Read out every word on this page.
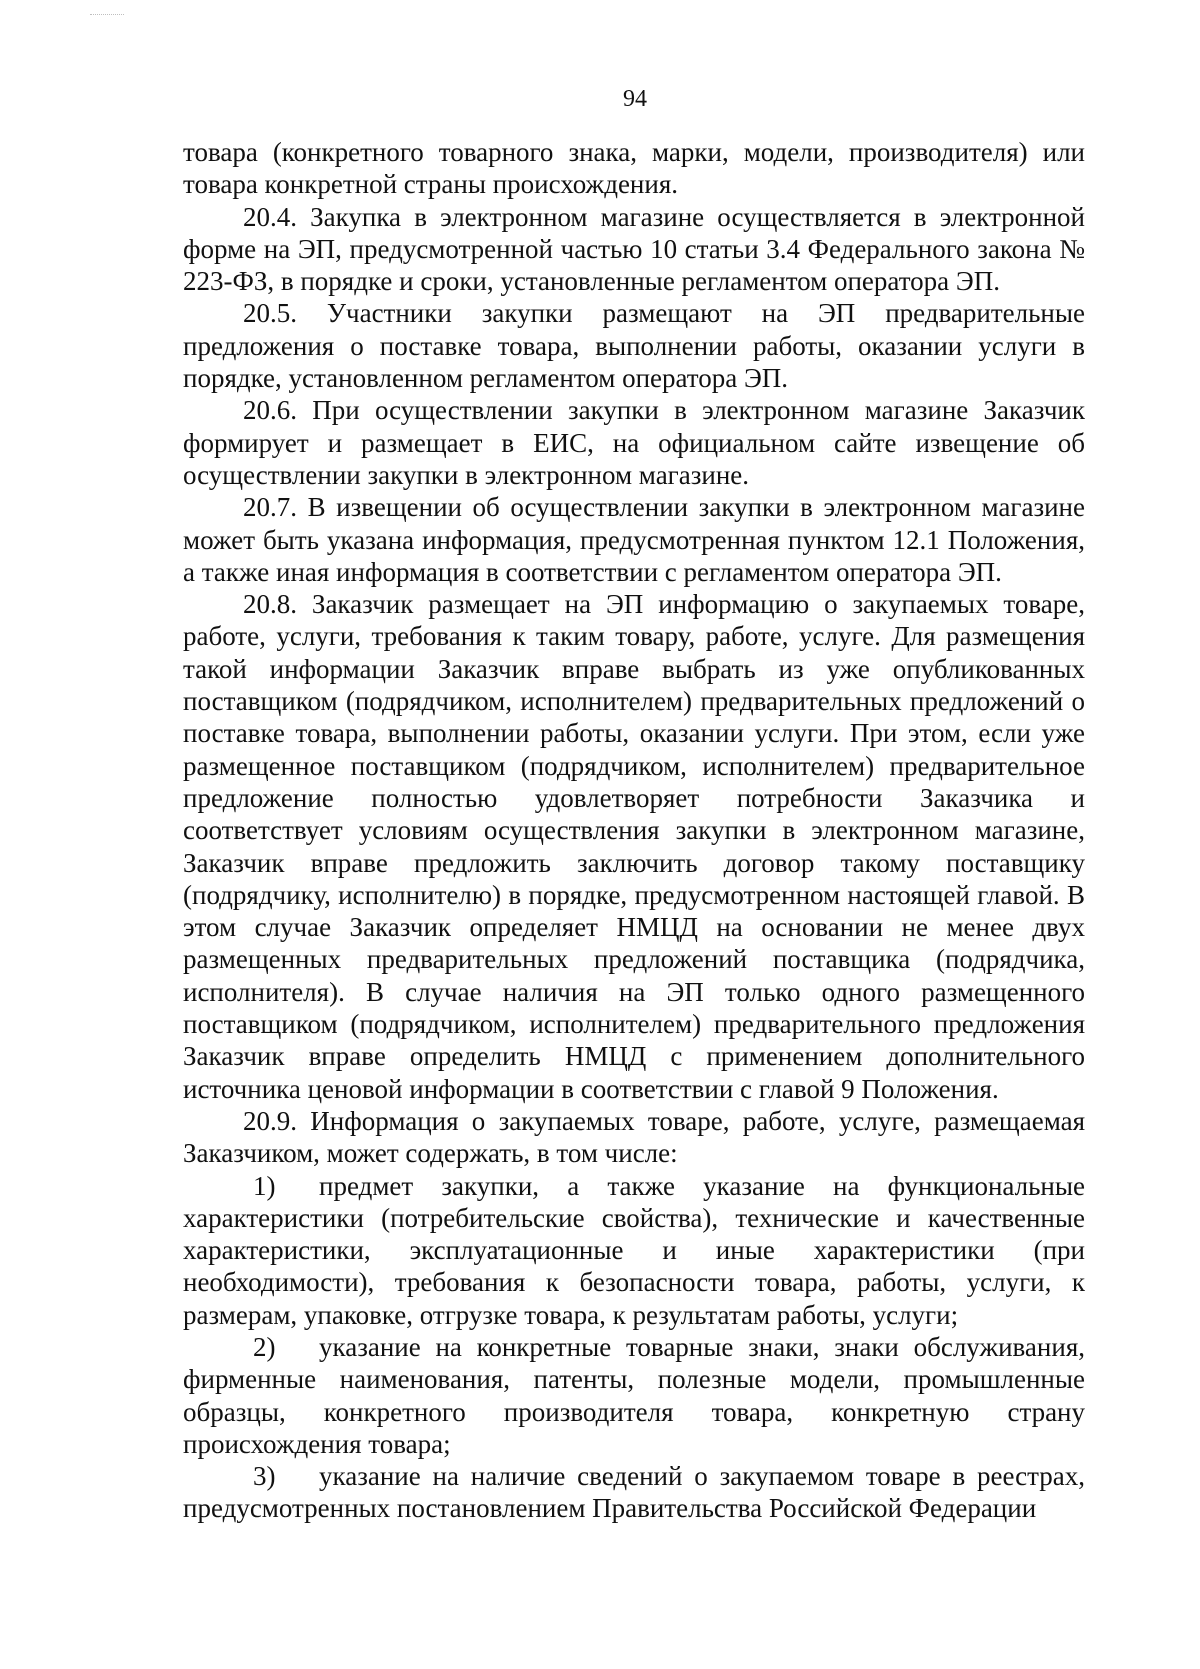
94

товара (конкретного товарного знака, марки, модели, производителя) или товара конкретной страны происхождения.

20.4. Закупка в электронном магазине осуществляется в электронной форме на ЭП, предусмотренной частью 10 статьи 3.4 Федерального закона № 223-ФЗ, в порядке и сроки, установленные регламентом оператора ЭП.

20.5. Участники закупки размещают на ЭП предварительные предложения о поставке товара, выполнении работы, оказании услуги в порядке, установленном регламентом оператора ЭП.

20.6. При осуществлении закупки в электронном магазине Заказчик формирует и размещает в ЕИС, на официальном сайте извещение об осуществлении закупки в электронном магазине.

20.7. В извещении об осуществлении закупки в электронном магазине может быть указана информация, предусмотренная пунктом 12.1 Положения, а также иная информация в соответствии с регламентом оператора ЭП.

20.8. Заказчик размещает на ЭП информацию о закупаемых товаре, работе, услуги, требования к таким товару, работе, услуге. Для размещения такой информации Заказчик вправе выбрать из уже опубликованных поставщиком (подрядчиком, исполнителем) предварительных предложений о поставке товара, выполнении работы, оказании услуги. При этом, если уже размещенное поставщиком (подрядчиком, исполнителем) предварительное предложение полностью удовлетворяет потребности Заказчика и соответствует условиям осуществления закупки в электронном магазине, Заказчик вправе предложить заключить договор такому поставщику (подрядчику, исполнителю) в порядке, предусмотренном настоящей главой. В этом случае Заказчик определяет НМЦД на основании не менее двух размещенных предварительных предложений поставщика (подрядчика, исполнителя). В случае наличия на ЭП только одного размещенного поставщиком (подрядчиком, исполнителем) предварительного предложения Заказчик вправе определить НМЦД с применением дополнительного источника ценовой информации в соответствии с главой 9 Положения.

20.9. Информация о закупаемых товаре, работе, услуге, размещаемая Заказчиком, может содержать, в том числе:

1) предмет закупки, а также указание на функциональные характеристики (потребительские свойства), технические и качественные характеристики, эксплуатационные и иные характеристики (при необходимости), требования к безопасности товара, работы, услуги, к размерам, упаковке, отгрузке товара, к результатам работы, услуги;

2) указание на конкретные товарные знаки, знаки обслуживания, фирменные наименования, патенты, полезные модели, промышленные образцы, конкретного производителя товара, конкретную страну происхождения товара;

3) указание на наличие сведений о закупаемом товаре в реестрах, предусмотренных постановлением Правительства Российской Федерации
